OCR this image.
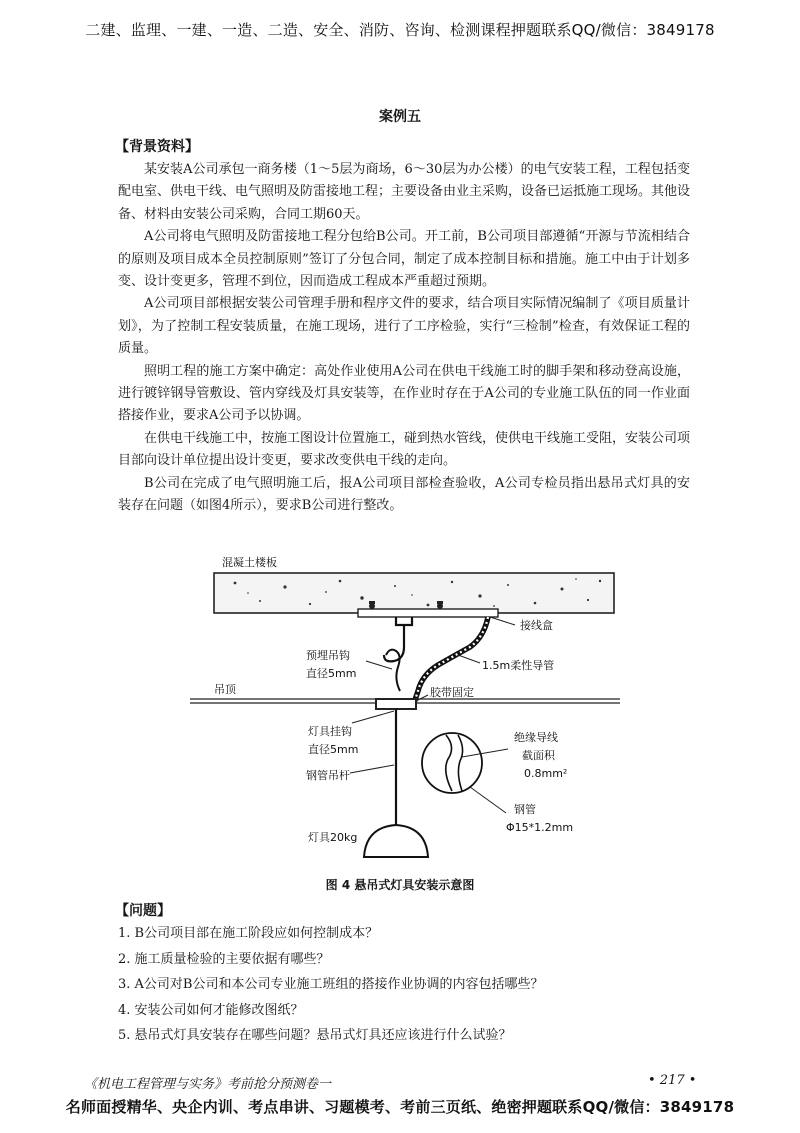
二建、监理、一建、一造、二造、安全、消防、咨询、检测课程押题联系QQ/微信：3849178
案例五
【背景资料】

某安装A公司承包一商务楼（1～5层为商场，6～30层为办公楼）的电气安装工程，工程包括变配电室、供电干线、电气照明及防雷接地工程；主要设备由业主采购，设备已运抵施工现场。其他设备、材料由安装公司采购，合同工期60天。

A公司将电气照明及防雷接地工程分包给B公司。开工前，B公司项目部遵循“开源与节流相结合的原则及项目成本全员控制原则”签订了分包合同，制定了成本控制目标和措施。施工中由于计划多变、设计变更多，管理不到位，因而造成工程成本严重超过预期。

A公司项目部根据安装公司管理手册和程序文件的要求，结合项目实际情况编制了《项目质量计划》，为了控制工程安装质量，在施工现场，进行了工序检验，实行“三检制”检查，有效保证工程的质量。

照明工程的施工方案中确定：高处作业使用A公司在供电干线施工时的脚手架和移动登高设施，进行镀锌钢导管敷设、管内穿线及灯具安装等，在作业时存在于A公司的专业施工队伍的同一作业面搭接作业，要求A公司予以协调。

在供电干线施工中，按施工图设计位置施工，碰到热水管线，使供电干线施工受阻，安装公司项目部向设计单位提出设计变更，要求改变供电干线的走向。

B公司在完成了电气照明施工后，报A公司项目部检查验收，A公司专检员指出悬吊式灯具的安装存在问题（如图4所示），要求B公司进行整改。

混凝土楼板
接线盒
预埋吊钩
直径5mm
1.5m柔性导管
吊顶	胶带固定
灯具挂钩
直径5mm
钢管吊杆
灯具20kg
绝缘导线
截面积
0.8mm²
钢管
Φ15*1.2mm
图 4 悬吊式灯具安装示意图
【问题】
1. B公司项目部在施工阶段应如何控制成本？
2. 施工质量检验的主要依据有哪些？
3. A公司对B公司和本公司专业施工班组的搭接作业协调的内容包括哪些？
4. 安装公司如何才能修改图纸？
5. 悬吊式灯具安装存在哪些问题？悬吊式灯具还应该进行什么试验？
《机电工程管理与实务》考前抢分预测卷一	• 217 •
名师面授精华、央企内训、考点串讲、习题模考、考前三页纸、绝密押题联系QQ/微信：3849178
